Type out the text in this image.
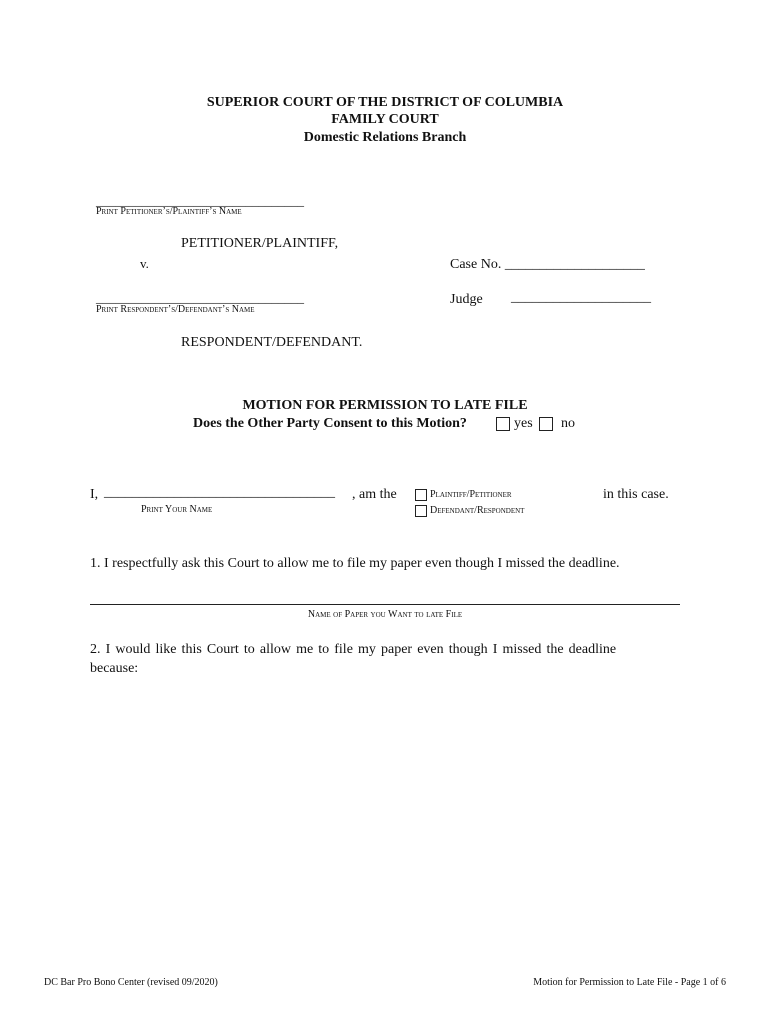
SUPERIOR COURT OF THE DISTRICT OF COLUMBIA
FAMILY COURT
Domestic Relations Branch
________________________________
Print Petitioner’s/Plaintiff’s Name
PETITIONER/PLAINTIFF,
v.	Case No. ____________________
Judge ____________________
________________________________
Print Respondent’s/Defendant’s Name
RESPONDENT/DEFENDANT.
MOTION FOR PERMISSION TO LATE FILE
Does the Other Party Consent to this Motion?	yes no
I, _________________________________ , am the
Print Your Name
Plaintiff/Petitioner
Defendant/Respondent
in this case.
1. I respectfully ask this Court to allow me to file my paper even though I missed the deadline.
Name of Paper you Want to late File
2. I would like this Court to allow me to file my paper even though I missed the deadline
because:
DC Bar Pro Bono Center (revised 09/2020)	Motion for Permission to Late File - Page 1 of 6
